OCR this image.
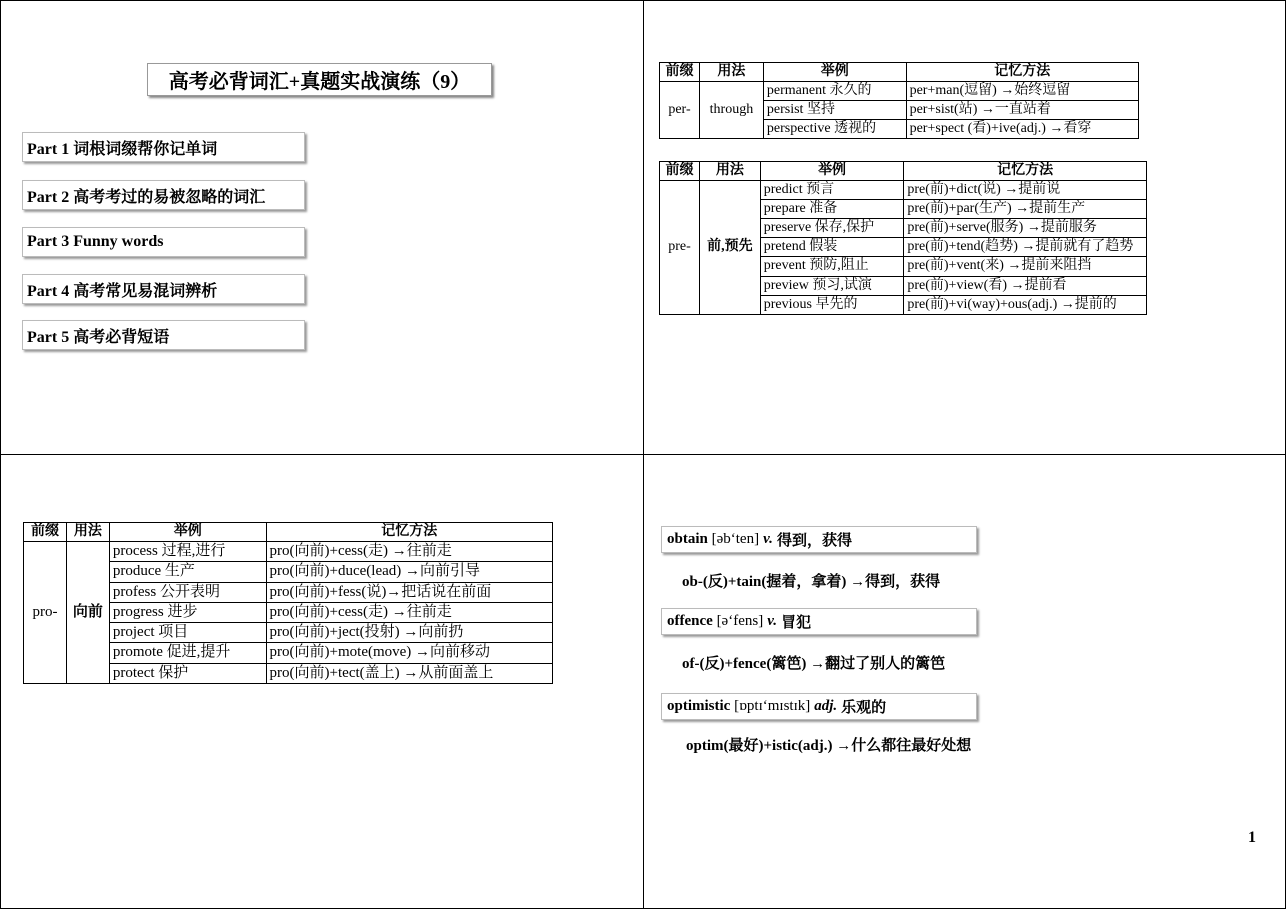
高考必背词汇+真题实战演练（9）
Part 1 词根词缀帮你记单词
Part 2 高考考过的易被忽略的词汇
Part 3 Funny words
Part 4 高考常见易混词辨析
Part 5 高考必背短语
前缀	用法	举例	记忆方法
per-	through	permanent 永久的	per+man(逗留) →始终逗留
		persist 坚持	per+sist(站) →一直站着
		perspective 透视的	per+spect (看)+ive(adj.) →看穿
前缀	用法	举例	记忆方法
pre-	前,预先	predict 预言	pre(前)+dict(说) →提前说
		prepare 准备	pre(前)+par(生产) →提前生产
		preserve 保存,保护	pre(前)+serve(服务) →提前服务
		pretend 假装	pre(前)+tend(趋势) →提前就有了趋势
		prevent 预防,阻止	pre(前)+vent(来) →提前来阻挡
		preview 预习,试演	pre(前)+view(看) →提前看
		previous 早先的	pre(前)+vi(way)+ous(adj.) →提前的
前缀	用法	举例	记忆方法
pro-	向前	process 过程,进行	pro(向前)+cess(走) →往前走
		produce 生产	pro(向前)+duce(lead) →向前引导
		profess 公开表明	pro(向前)+fess(说)→把话说在前面
		progress 进步	pro(向前)+cess(走) →往前走
		project 项目	pro(向前)+ject(投射) →向前扔
		promote 促进,提升	pro(向前)+mote(move) →向前移动
		protect 保护	pro(向前)+tect(盖上) →从前面盖上
obtain
[əb‘ten] v. 得到，获得
ob-(反)+tain(握着，拿着) →得到，获得
offence
[ə‘fens] v. 冒犯
of-(反)+fence(篱笆) →翻过了别人的篱笆
optimistic
[ɒptɪ‘mɪstɪk] adj. 乐观的
optim(最好)+istic(adj.) →什么都往最好处想
1
